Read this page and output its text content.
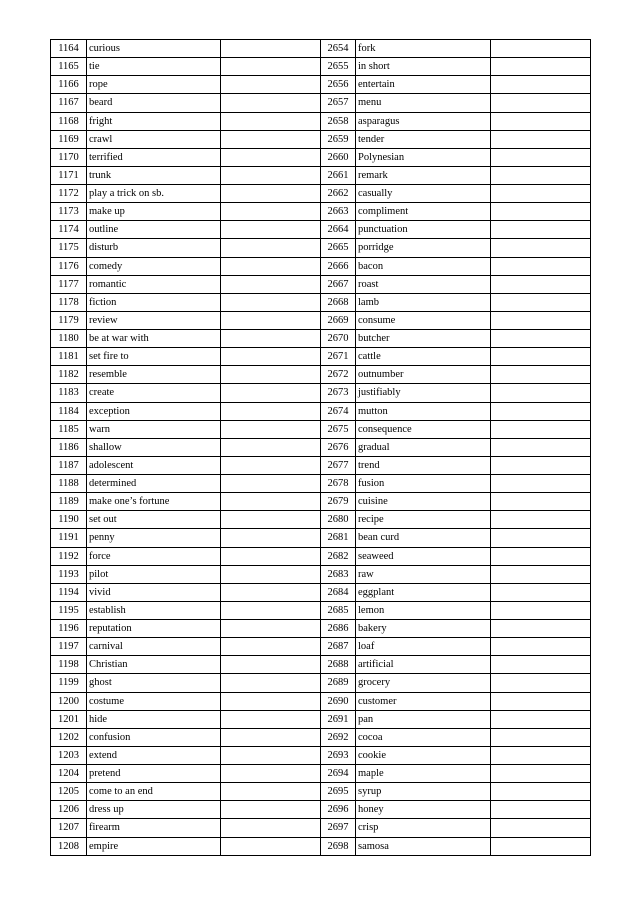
1164	curious		2654	fork	
1165	tie		2655	in short	
1166	rope		2656	entertain	
1167	beard		2657	menu	
1168	fright		2658	asparagus	
1169	crawl		2659	tender	
1170	terrified		2660	Polynesian	
1171	trunk		2661	remark	
1172	play a trick on sb.		2662	casually	
1173	make up		2663	compliment	
1174	outline		2664	punctuation	
1175	disturb		2665	porridge	
1176	comedy		2666	bacon	
1177	romantic		2667	roast	
1178	fiction		2668	lamb	
1179	review		2669	consume	
1180	be at war with		2670	butcher	
1181	set fire to		2671	cattle	
1182	resemble		2672	outnumber	
1183	create		2673	justifiably	
1184	exception		2674	mutton	
1185	warn		2675	consequence	
1186	shallow		2676	gradual	
1187	adolescent		2677	trend	
1188	determined		2678	fusion	
1189	make one’s fortune		2679	cuisine	
1190	set out		2680	recipe	
1191	penny		2681	bean curd	
1192	force		2682	seaweed	
1193	pilot		2683	raw	
1194	vivid		2684	eggplant	
1195	establish		2685	lemon	
1196	reputation		2686	bakery	
1197	carnival		2687	loaf	
1198	Christian		2688	artificial	
1199	ghost		2689	grocery	
1200	costume		2690	customer	
1201	hide		2691	pan	
1202	confusion		2692	cocoa	
1203	extend		2693	cookie	
1204	pretend		2694	maple	
1205	come to an end		2695	syrup	
1206	dress up		2696	honey	
1207	firearm		2697	crisp	
1208	empire		2698	samosa	
